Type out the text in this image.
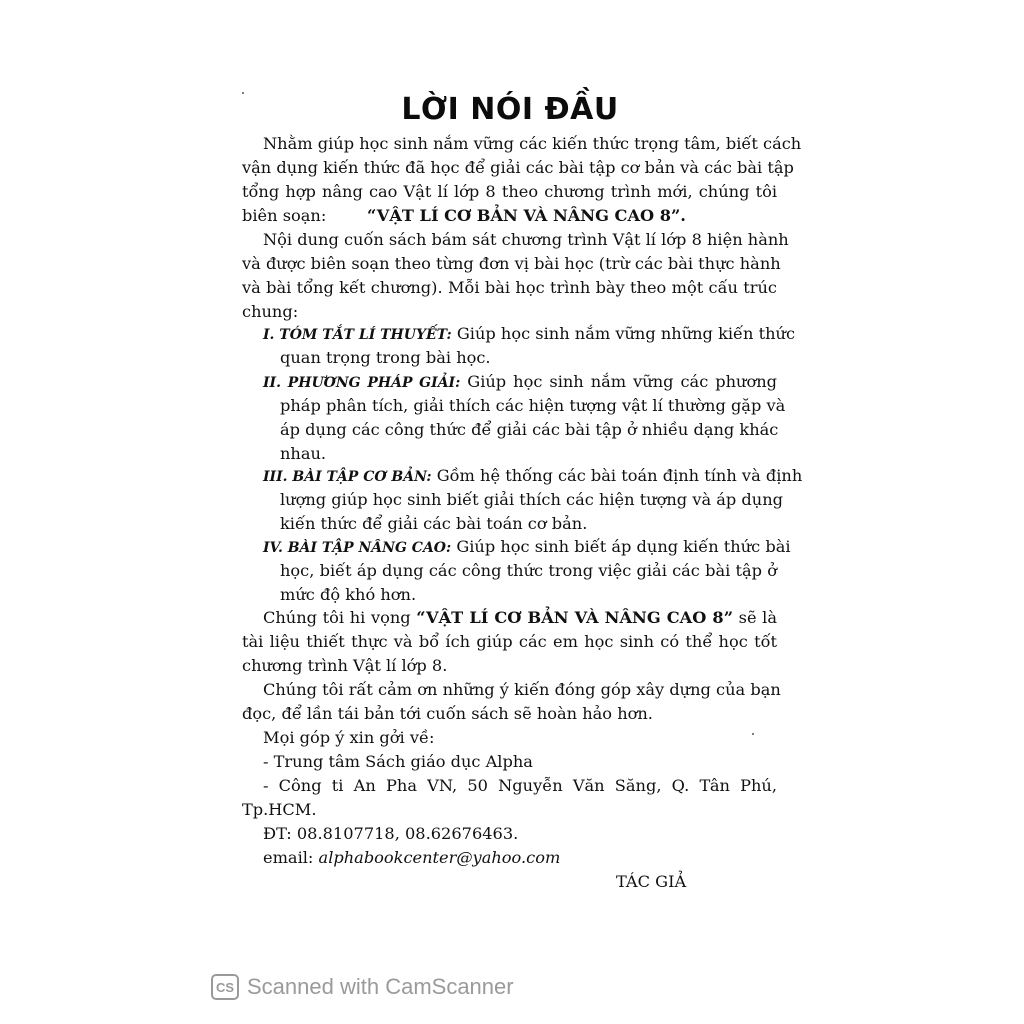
LỜI NÓI ĐẦU
Nhằm giúp học sinh nắm vững các kiến thức trọng tâm, biết cách
vận dụng kiến thức đã học để giải các bài tập cơ bản và các bài tập
tổng hợp nâng cao Vật lí lớp 8 theo chương trình mới, chúng tôi
biên soạn:	“VẬT LÍ CƠ BẢN VÀ NÂNG CAO 8”.
Nội dung cuốn sách bám sát chương trình Vật lí lớp 8 hiện hành
và được biên soạn theo từng đơn vị bài học (trừ các bài thực hành
và bài tổng kết chương). Mỗi bài học trình bày theo một cấu trúc
chung:
I. TÓM TẮT LÍ THUYẾT: Giúp học sinh nắm vững những kiến thức
quan trọng trong bài học.
II. PHƯƠNG PHÁP GIẢI: Giúp học sinh nắm vững các phương
pháp phân tích, giải thích các hiện tượng vật lí thường gặp và
áp dụng các công thức để giải các bài tập ở nhiều dạng khác
nhau.
III. BÀI TẬP CƠ BẢN: Gồm hệ thống các bài toán định tính và định
lượng giúp học sinh biết giải thích các hiện tượng và áp dụng
kiến thức để giải các bài toán cơ bản.
IV. BÀI TẬP NÂNG CAO: Giúp học sinh biết áp dụng kiến thức bài
học, biết áp dụng các công thức trong việc giải các bài tập ở
mức độ khó hơn.
Chúng tôi hi vọng “VẬT LÍ CƠ BẢN VÀ NÂNG CAO 8” sẽ là
tài liệu thiết thực và bổ ích giúp các em học sinh có thể học tốt
chương trình Vật lí lớp 8.
Chúng tôi rất cảm ơn những ý kiến đóng góp xây dựng của bạn
đọc, để lần tái bản tới cuốn sách sẽ hoàn hảo hơn.
Mọi góp ý xin gởi về:
- Trung tâm Sách giáo dục Alpha
- Công ti An Pha VN, 50 Nguyễn Văn Săng, Q. Tân Phú,
Tp.HCM.
ĐT: 08.8107718, 08.62676463.
email: alphabookcenter@yahoo.com
TÁC GIẢ
CS Scanned with CamScanner
